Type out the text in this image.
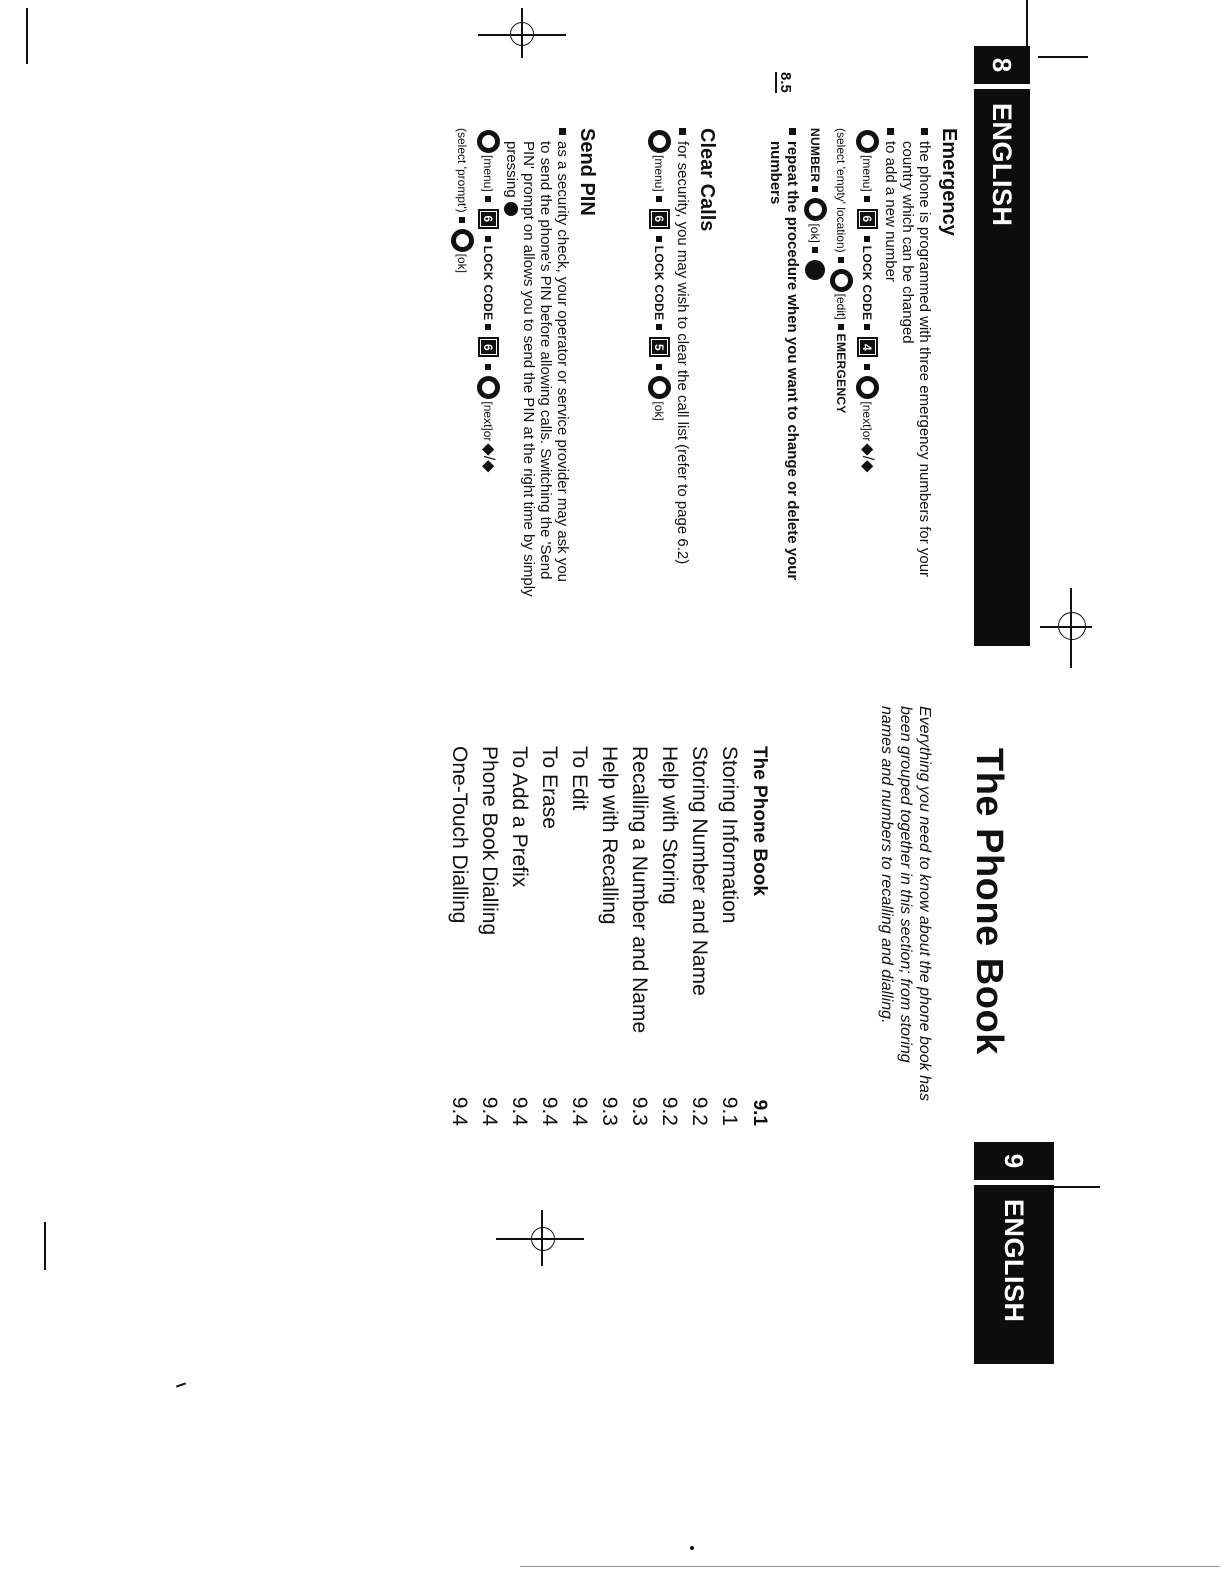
8
ENGLISH
8.5
Emergency
the phone is programmed with three emergency numbers for your country which can be changed
to add a new number
[menu]
6
LOCK CODE
4
[next]or
◆/◆
(select 'empty' location)
[edit]
EMERGENCY
NUMBER
[ok]
repeat the procedure when you want to change or delete your numbers
Clear Calls
for security, you may wish to clear the call list (refer to page 6.2)
[menu]
6
LOCK CODE
5
[ok]
Send PIN
as a security check, your operator or service provider may ask you to send the phone's PIN before allowing calls. Switching the 'Send PIN' prompt on allows you to send the PIN at the right time by simply pressing
[menu]
6
LOCK CODE
6
[next]or
◆/◆
(select 'prompt')
[ok]
The Phone Book

Everything you need to know about the phone book has been grouped together in this section; from storing names and numbers to recalling and dialling.

The Phone Book
9.1
Storing Information
9.1
Storing Number and Name
9.2
Help with Storing
9.2
Recalling a Number and Name
9.3
Help with Recalling
9.3
To Edit
9.4
To Erase
9.4
To Add a Prefix
9.4
Phone Book Dialling
9.4
One-Touch Dialling
9.4
9
ENGLISH
